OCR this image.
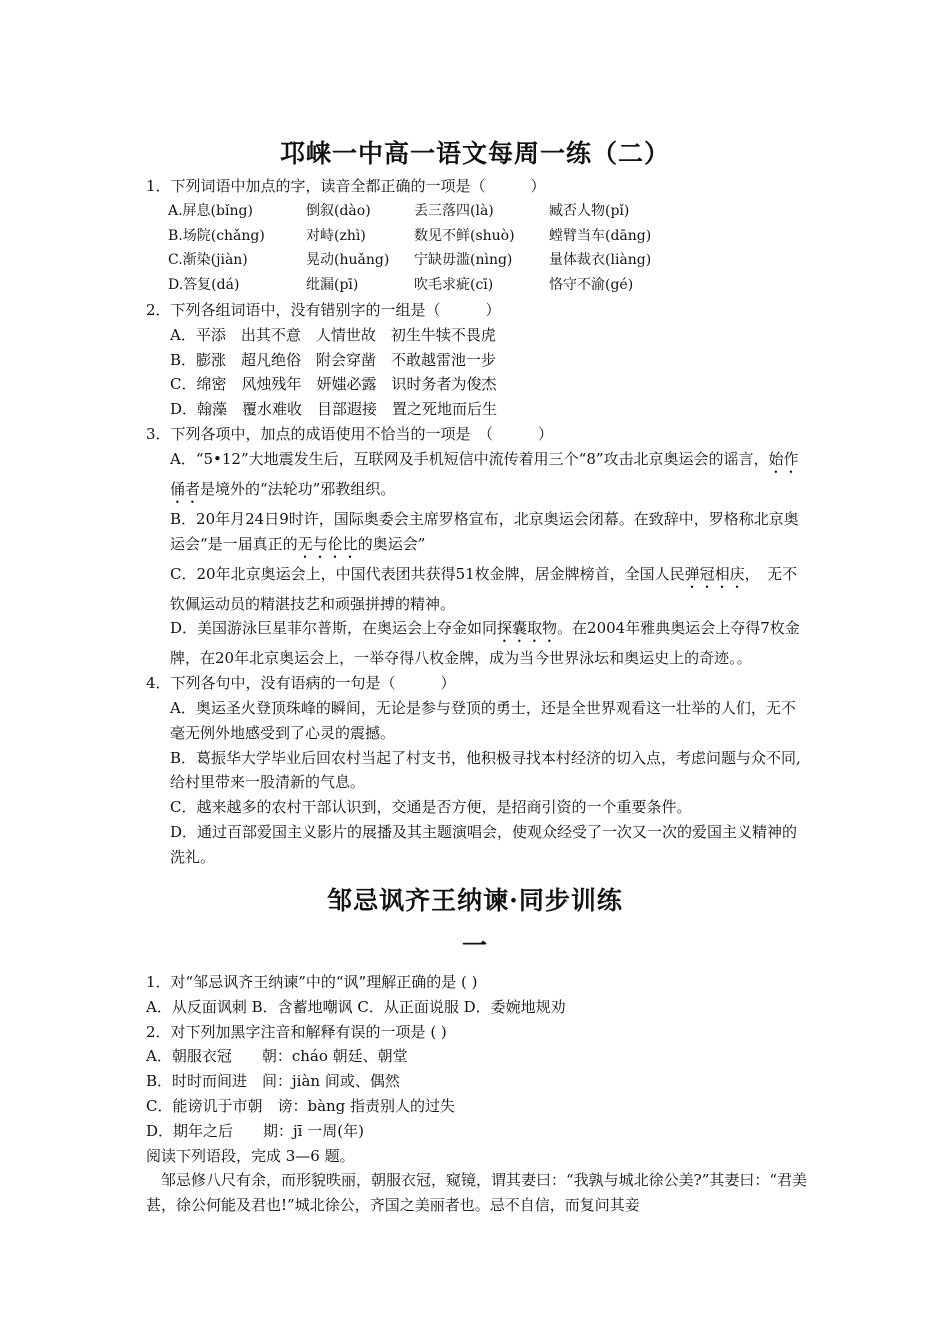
邛崃一中高一语文每周一练（二）
1．下列词语中加点的字，读音全都正确的一项是（　　　）
A.屏息(bǐng)	倒叙(dào)	丢三落四(là)	臧否人物(pǐ)
B.场院(chǎng)	对峙(zhì)	数见不鲜(shuò)	螳臂当车(dāng)
C.渐染(jiàn)	晃动(huǎng)	宁缺毋滥(nìng)	量体裁衣(liàng)
D.答复(dá)	纰漏(pī)	吹毛求疵(cī)	恪守不渝(gé)
2．下列各组词语中，没有错别字的一组是（　　　）
A．平添　出其不意　人情世故　初生牛犊不畏虎
B．膨涨　超凡绝俗　附会穿凿　不敢越雷池一步
C．绵密　风烛残年　妍媸必露　识时务者为俊杰
D．翰藻　覆水难收　目部遐接　置之死地而后生
3．下列各项中，加点的成语使用不恰当的一项是　（　　　）
A．“5•12”大地震发生后，互联网及手机短信中流传着用三个“8”攻击北京奥运会的谣言，始作俑者是境外的“法轮功”邪教组织。
B．20年月24日9时许，国际奥委会主席罗格宣布，北京奥运会闭幕。在致辞中，罗格称北京奥运会“是一届真正的无与伦比的奥运会”
C．20年北京奥运会上，中国代表团共获得51枚金牌，居金牌榜首，全国人民弹冠相庆，　无不钦佩运动员的精湛技艺和顽强拼搏的精神。
D．美国游泳巨星菲尔普斯，在奥运会上夺金如同探囊取物。在2004年雅典奥运会上夺得7枚金牌，在20年北京奥运会上，一举夺得八枚金牌，成为当今世界泳坛和奥运史上的奇迹。。
4．下列各句中，没有语病的一句是（　　　）
A．奥运圣火登顶珠峰的瞬间，无论是参与登顶的勇士，还是全世界观看这一壮举的人们，无不毫无例外地感受到了心灵的震撼。
B．葛振华大学毕业后回农村当起了村支书，他积极寻找本村经济的切入点，考虑问题与众不同,给村里带来一股清新的气息。
C．越来越多的农村干部认识到，交通是否方便，是招商引资的一个重要条件。
D．通过百部爱国主义影片的展播及其主题演唱会，使观众经受了一次又一次的爱国主义精神的洗礼。
邹忌讽齐王纳谏·同步训练
一
1．对“邹忌讽齐王纳谏”中的“讽”理解正确的是 ( )
A．从反面讽刺 B．含蓄地嘲讽 C．从正面说服 D．委婉地规劝
2．对下列加黑字注音和解释有误的一项是 ( )
A．朝服衣冠　　朝：cháo 朝廷、朝堂
B．时时而间进　间：jiàn 间或、偶然
C．能谤讥于市朝　谤：bàng 指责别人的过失
D．期年之后　　期：jī 一周(年)
阅读下列语段，完成 3—6 题。
　邹忌修八尺有余，而形貌昳丽，朝服衣冠，窥镜，谓其妻曰：“我孰与城北徐公美?”其妻曰：“君美甚，徐公何能及君也!”城北徐公，齐国之美丽者也。忌不自信，而复问其妾
